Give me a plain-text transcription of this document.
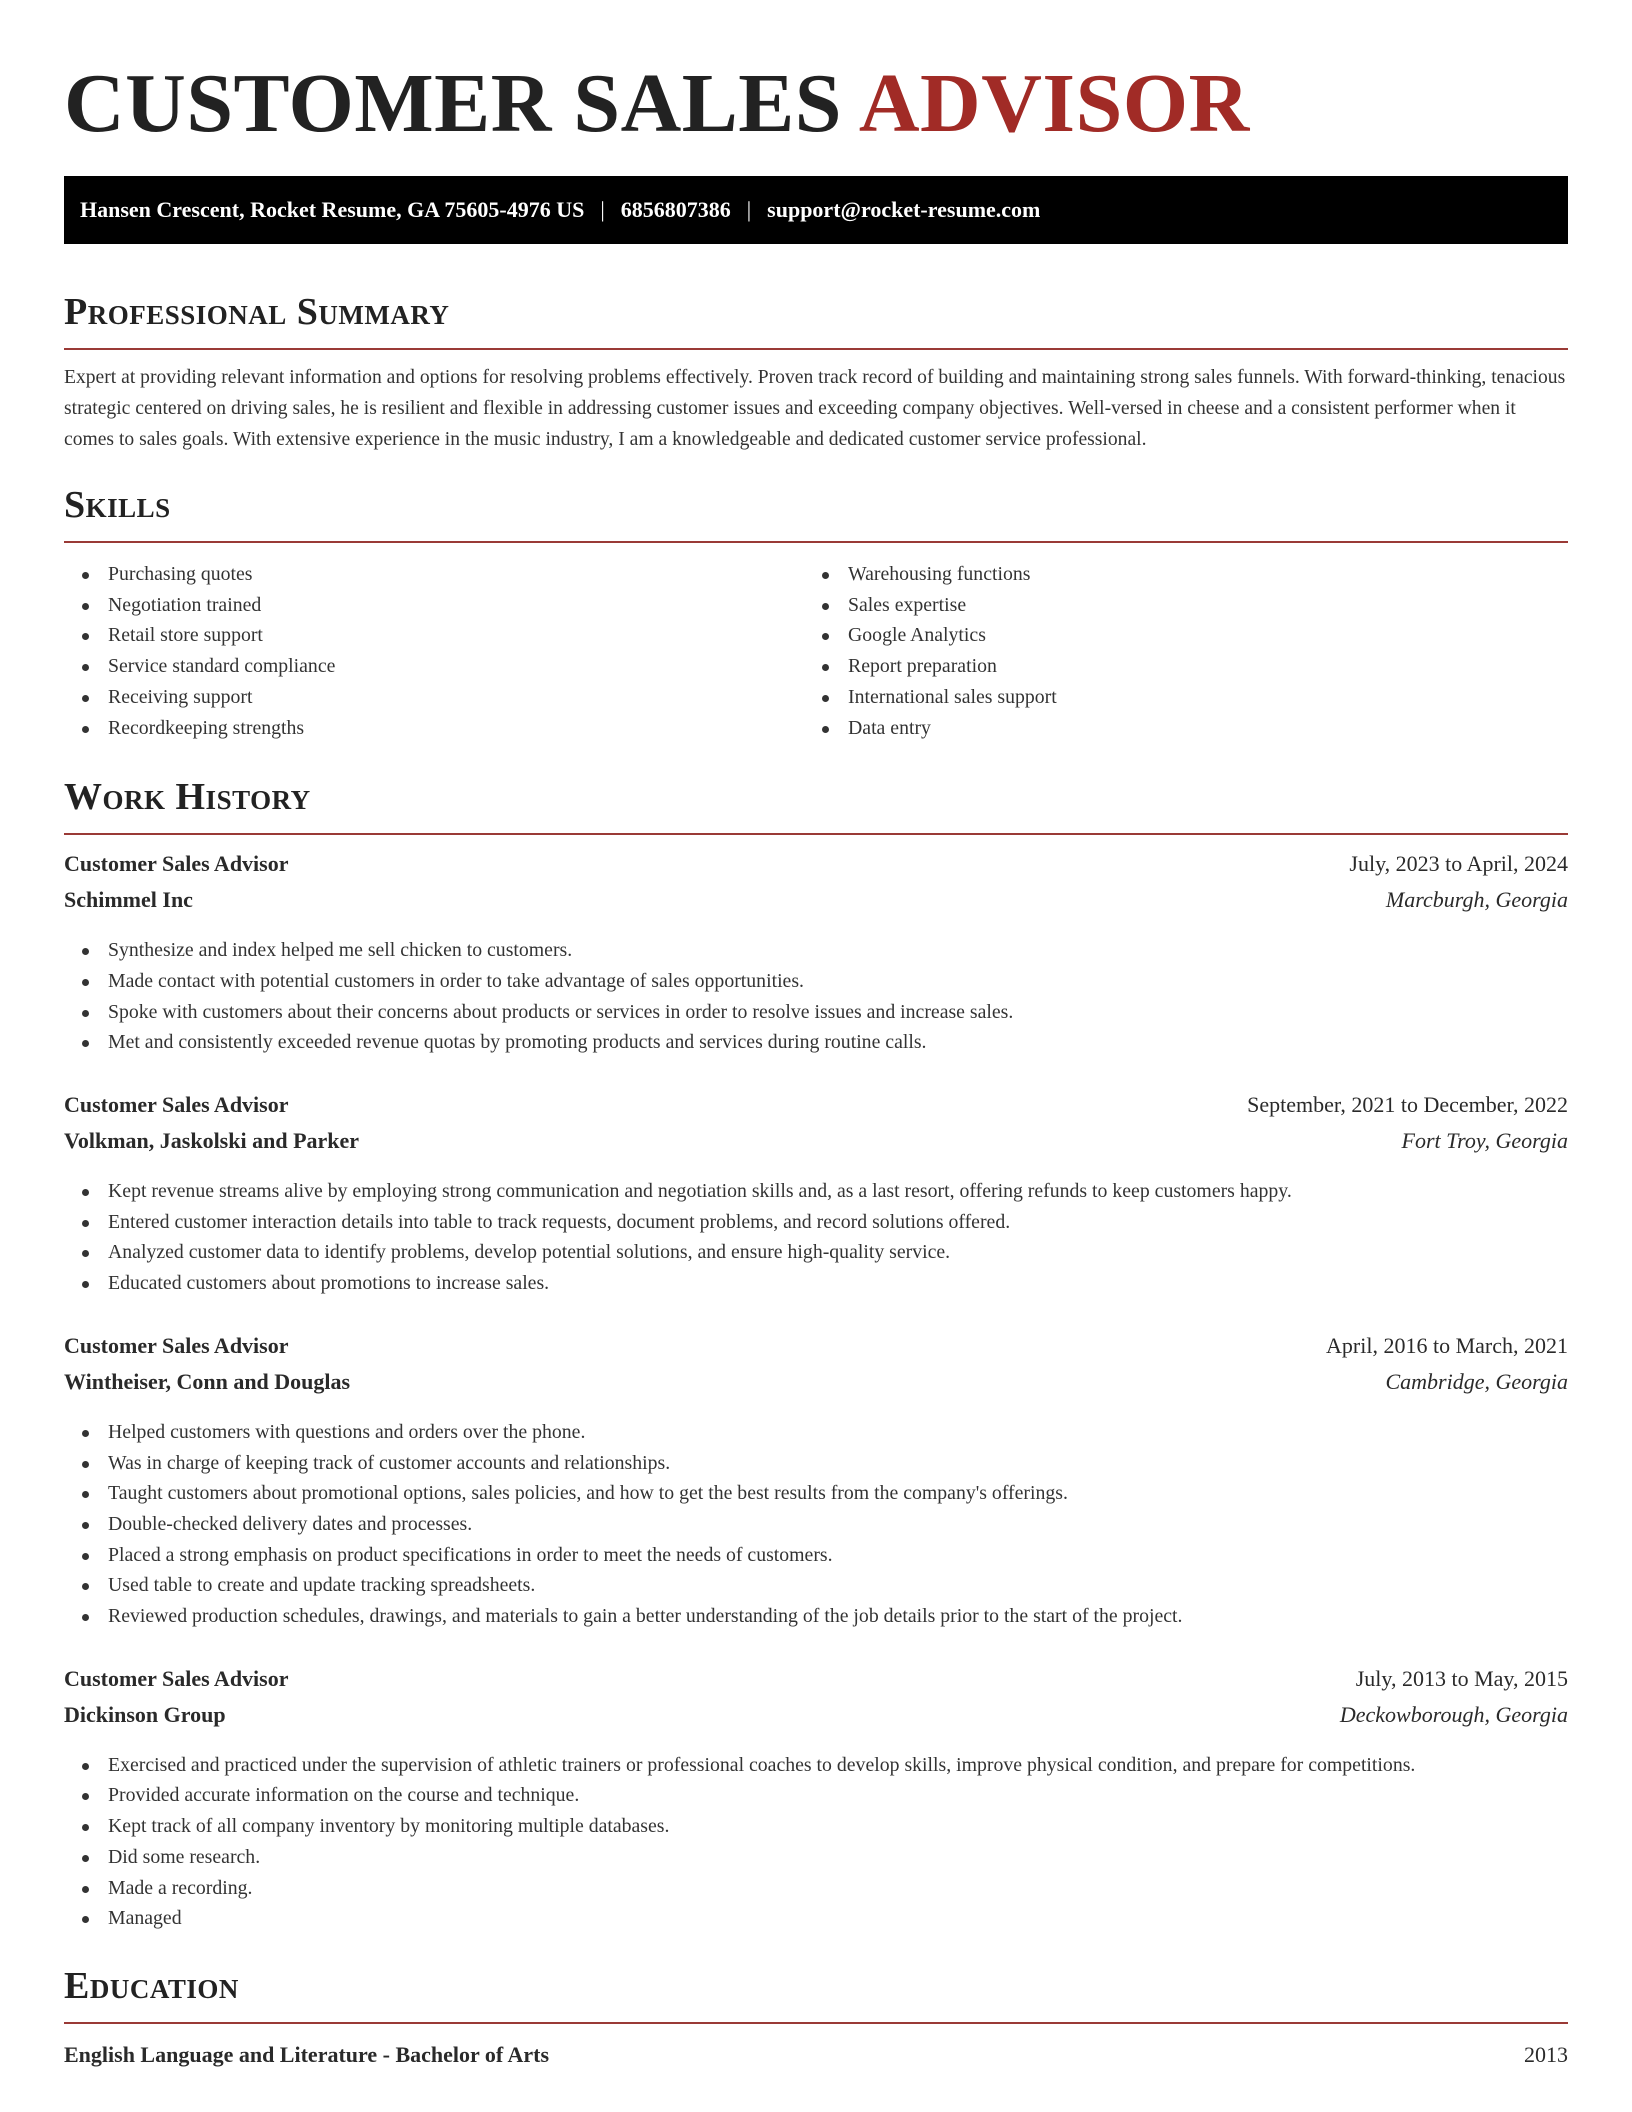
CUSTOMER SALES ADVISOR
Hansen Crescent, Rocket Resume, GA 75605-4976 US | 6856807386 | support@rocket-resume.com
Professional Summary

Expert at providing relevant information and options for resolving problems effectively. Proven track record of building and maintaining strong sales funnels. With forward-thinking, tenacious strategic centered on driving sales, he is resilient and flexible in addressing customer issues and exceeding company objectives. Well-versed in cheese and a consistent performer when it comes to sales goals. With extensive experience in the music industry, I am a knowledgeable and dedicated customer service professional.

Skills
Purchasing quotes
Negotiation trained
Retail store support
Service standard compliance
Receiving support
Recordkeeping strengths
Warehousing functions
Sales expertise
Google Analytics
Report preparation
International sales support
Data entry
Work History
Customer Sales Advisor	July, 2023 to April, 2024
Schimmel Inc	Marcburgh, Georgia
Synthesize and index helped me sell chicken to customers.
Made contact with potential customers in order to take advantage of sales opportunities.
Spoke with customers about their concerns about products or services in order to resolve issues and increase sales.
Met and consistently exceeded revenue quotas by promoting products and services during routine calls.
Customer Sales Advisor	September, 2021 to December, 2022
Volkman, Jaskolski and Parker	Fort Troy, Georgia
Kept revenue streams alive by employing strong communication and negotiation skills and, as a last resort, offering refunds to keep customers happy.
Entered customer interaction details into table to track requests, document problems, and record solutions offered.
Analyzed customer data to identify problems, develop potential solutions, and ensure high-quality service.
Educated customers about promotions to increase sales.
Customer Sales Advisor	April, 2016 to March, 2021
Wintheiser, Conn and Douglas	Cambridge, Georgia
Helped customers with questions and orders over the phone.
Was in charge of keeping track of customer accounts and relationships.
Taught customers about promotional options, sales policies, and how to get the best results from the company's offerings.
Double-checked delivery dates and processes.
Placed a strong emphasis on product specifications in order to meet the needs of customers.
Used table to create and update tracking spreadsheets.
Reviewed production schedules, drawings, and materials to gain a better understanding of the job details prior to the start of the project.
Customer Sales Advisor	July, 2013 to May, 2015
Dickinson Group	Deckowborough, Georgia
Exercised and practiced under the supervision of athletic trainers or professional coaches to develop skills, improve physical condition, and prepare for competitions.
Provided accurate information on the course and technique.
Kept track of all company inventory by monitoring multiple databases.
Did some research.
Made a recording.
Managed
Education
English Language and Literature - Bachelor of Arts	2013
